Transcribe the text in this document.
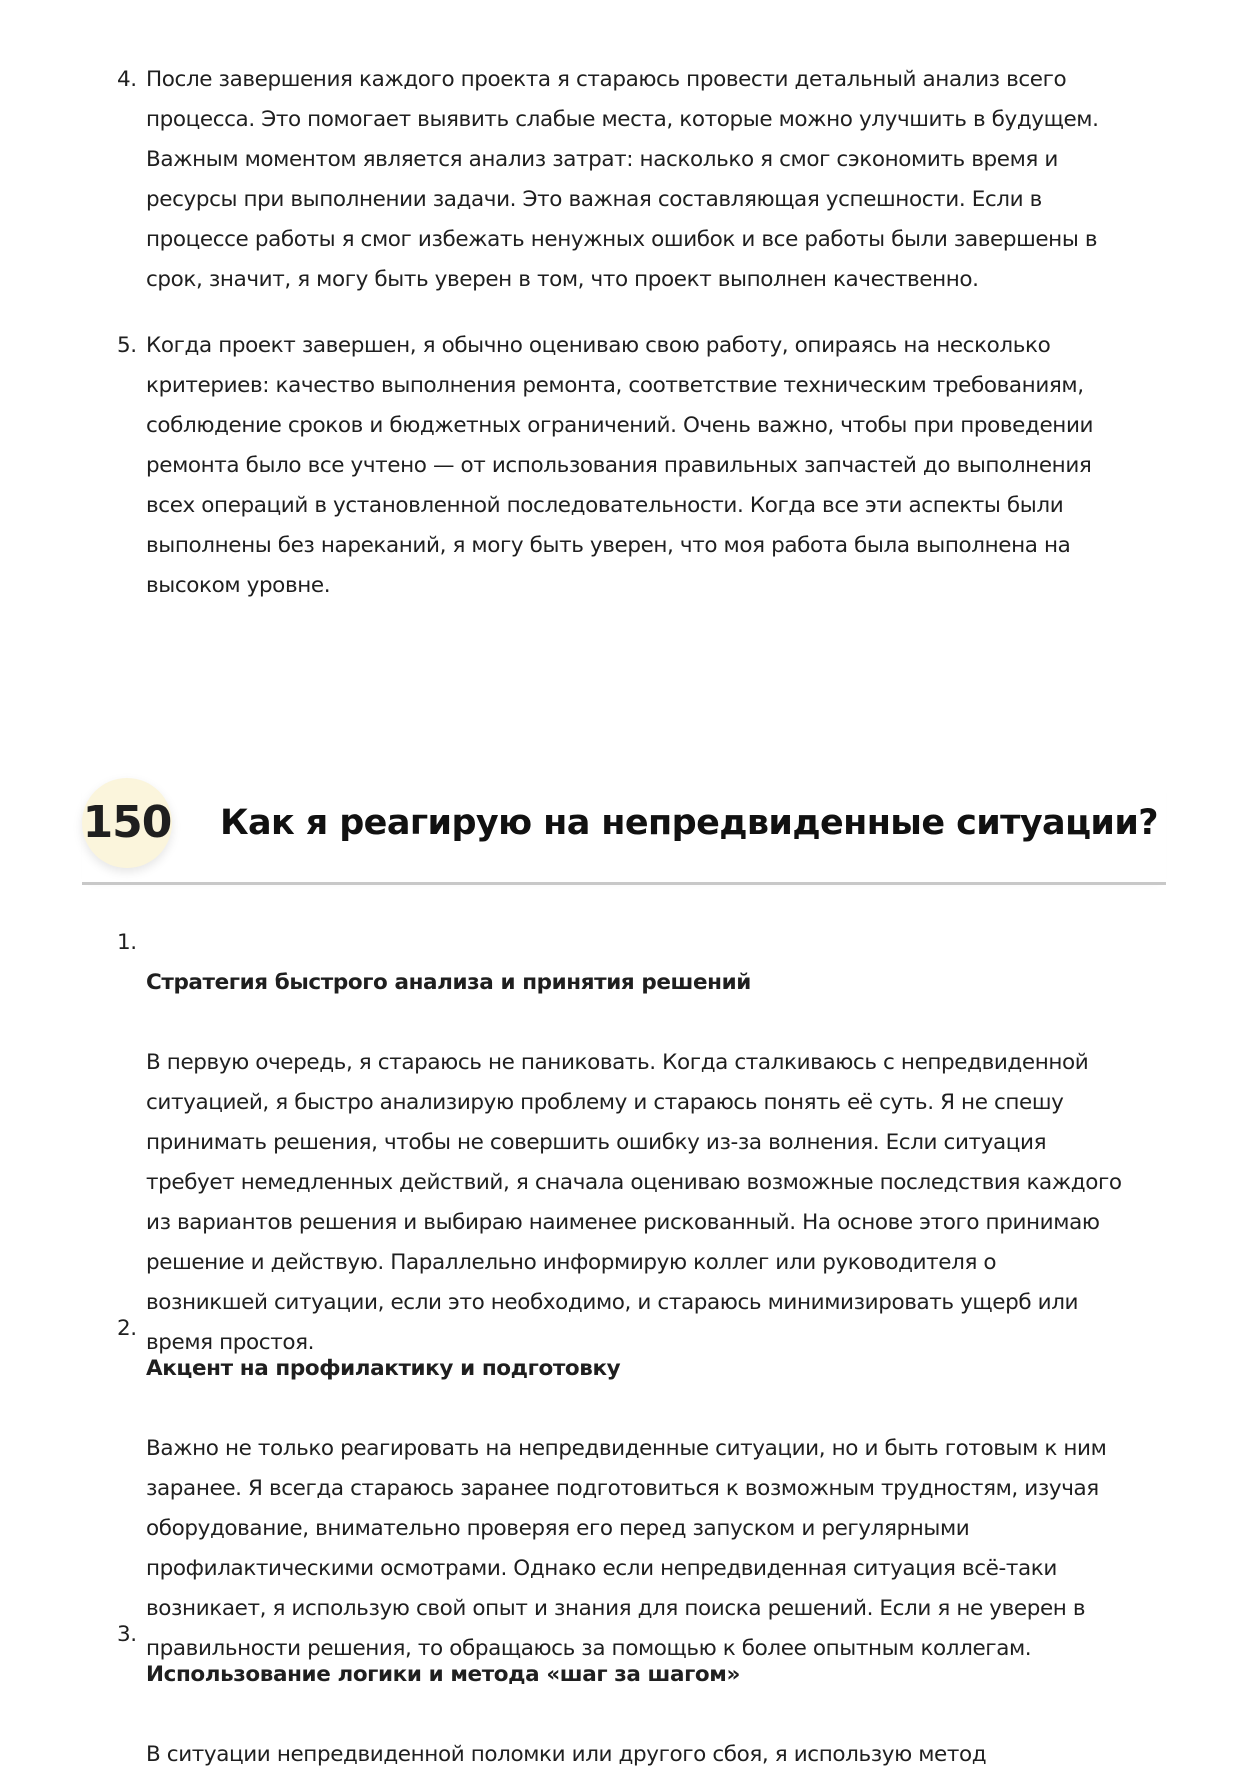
4. После завершения каждого проекта я стараюсь провести детальный анализ всего
процесса. Это помогает выявить слабые места, которые можно улучшить в будущем.
Важным моментом является анализ затрат: насколько я смог сэкономить время и
ресурсы при выполнении задачи. Это важная составляющая успешности. Если в
процессе работы я смог избежать ненужных ошибок и все работы были завершены в
срок, значит, я могу быть уверен в том, что проект выполнен качественно.
5. Когда проект завершен, я обычно оцениваю свою работу, опираясь на несколько
критериев: качество выполнения ремонта, соответствие техническим требованиям,
соблюдение сроков и бюджетных ограничений. Очень важно, чтобы при проведении
ремонта было все учтено — от использования правильных запчастей до выполнения
всех операций в установленной последовательности. Когда все эти аспекты были
выполнены без нареканий, я могу быть уверен, что моя работа была выполнена на
высоком уровне.
150 Как я реагирую на непредвиденные ситуации?
1.

Стратегия быстрого анализа и принятия решений

В первую очередь, я стараюсь не паниковать. Когда сталкиваюсь с непредвиденной
ситуацией, я быстро анализирую проблему и стараюсь понять её суть. Я не спешу
принимать решения, чтобы не совершить ошибку из-за волнения. Если ситуация
требует немедленных действий, я сначала оцениваю возможные последствия каждого
из вариантов решения и выбираю наименее рискованный. На основе этого принимаю
решение и действую. Параллельно информирую коллег или руководителя о
возникшей ситуации, если это необходимо, и стараюсь минимизировать ущерб или
время простоя.

2.

Акцент на профилактику и подготовку

Важно не только реагировать на непредвиденные ситуации, но и быть готовым к ним
заранее. Я всегда стараюсь заранее подготовиться к возможным трудностям, изучая
оборудование, внимательно проверяя его перед запуском и регулярными
профилактическими осмотрами. Однако если непредвиденная ситуация всё-таки
возникает, я использую свой опыт и знания для поиска решений. Если я не уверен в
правильности решения, то обращаюсь за помощью к более опытным коллегам.

3.

Использование логики и метода «шаг за шагом»

В ситуации непредвиденной поломки или другого сбоя, я использую метод
